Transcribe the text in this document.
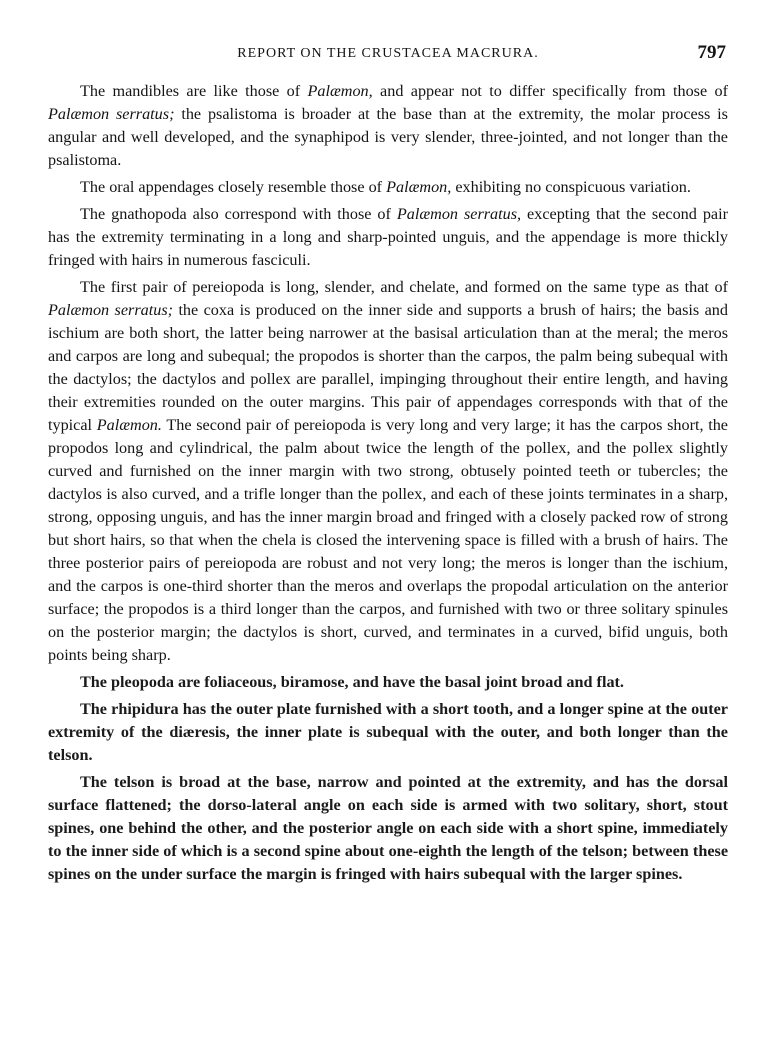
REPORT ON THE CRUSTACEA MACRURA.	797

The mandibles are like those of Palæmon, and appear not to differ specifically from those of Palæmon serratus; the psalistoma is broader at the base than at the extremity, the molar process is angular and well developed, and the synaphipod is very slender, three-jointed, and not longer than the psalistoma.

The oral appendages closely resemble those of Palæmon, exhibiting no conspicuous variation.

The gnathopoda also correspond with those of Palæmon serratus, excepting that the second pair has the extremity terminating in a long and sharp-pointed unguis, and the appendage is more thickly fringed with hairs in numerous fasciculi.

The first pair of pereiopoda is long, slender, and chelate, and formed on the same type as that of Palæmon serratus; the coxa is produced on the inner side and supports a brush of hairs; the basis and ischium are both short, the latter being narrower at the basisal articulation than at the meral; the meros and carpos are long and subequal; the propodos is shorter than the carpos, the palm being subequal with the dactylos; the dactylos and pollex are parallel, impinging throughout their entire length, and having their extremities rounded on the outer margins. This pair of appendages corresponds with that of the typical Palæmon. The second pair of pereiopoda is very long and very large; it has the carpos short, the propodos long and cylindrical, the palm about twice the length of the pollex, and the pollex slightly curved and furnished on the inner margin with two strong, obtusely pointed teeth or tubercles; the dactylos is also curved, and a trifle longer than the pollex, and each of these joints terminates in a sharp, strong, opposing unguis, and has the inner margin broad and fringed with a closely packed row of strong but short hairs, so that when the chela is closed the intervening space is filled with a brush of hairs. The three posterior pairs of pereiopoda are robust and not very long; the meros is longer than the ischium, and the carpos is one-third shorter than the meros and overlaps the propodal articulation on the anterior surface; the propodos is a third longer than the carpos, and furnished with two or three solitary spinules on the posterior margin; the dactylos is short, curved, and terminates in a curved, bifid unguis, both points being sharp.

The pleopoda are foliaceous, biramose, and have the basal joint broad and flat.

The rhipidura has the outer plate furnished with a short tooth, and a longer spine at the outer extremity of the diæresis, the inner plate is subequal with the outer, and both longer than the telson.

The telson is broad at the base, narrow and pointed at the extremity, and has the dorsal surface flattened; the dorso-lateral angle on each side is armed with two solitary, short, stout spines, one behind the other, and the posterior angle on each side with a short spine, immediately to the inner side of which is a second spine about one-eighth the length of the telson; between these spines on the under surface the margin is fringed with hairs subequal with the larger spines.
